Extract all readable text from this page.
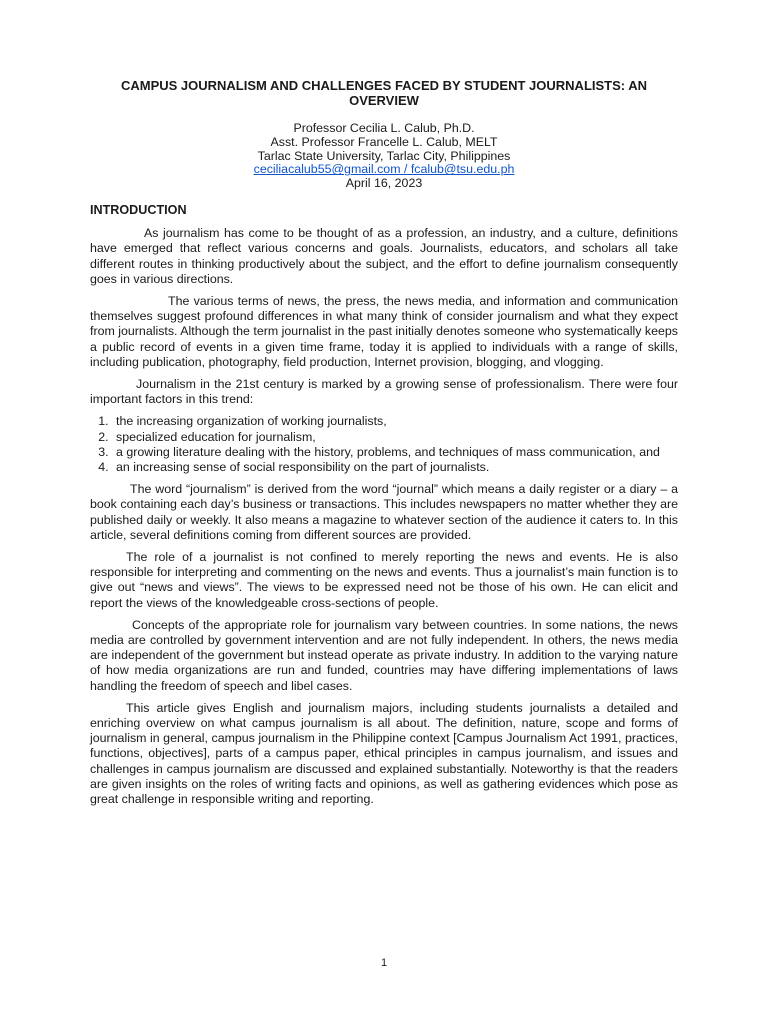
CAMPUS JOURNALISM AND CHALLENGES FACED BY STUDENT JOURNALISTS: AN OVERVIEW
Professor Cecilia L. Calub, Ph.D.
Asst. Professor Francelle L. Calub, MELT
Tarlac State University, Tarlac City, Philippines
ceciliacalub55@gmail.com / fcalub@tsu.edu.ph
April 16, 2023
INTRODUCTION

As journalism has come to be thought of as a profession, an industry, and a culture, definitions have emerged that reflect various concerns and goals. Journalists, educators, and scholars all take different routes in thinking productively about the subject, and the effort to define journalism consequently goes in various directions.

The various terms of news, the press, the news media, and information and communication themselves suggest profound differences in what many think of consider journalism and what they expect from journalists. Although the term journalist in the past initially denotes someone who systematically keeps a public record of events in a given time frame, today it is applied to individuals with a range of skills, including publication, photography, field production, Internet provision, blogging, and vlogging.

Journalism in the 21st century is marked by a growing sense of professionalism. There were four important factors in this trend:

1. the increasing organization of working journalists,
2. specialized education for journalism,
3. a growing literature dealing with the history, problems, and techniques of mass communication, and
4. an increasing sense of social responsibility on the part of journalists.

The word “journalism” is derived from the word “journal” which means a daily register or a diary – a book containing each day’s business or transactions. This includes newspapers no matter whether they are published daily or weekly. It also means a magazine to whatever section of the audience it caters to. In this article, several definitions coming from different sources are provided.

The role of a journalist is not confined to merely reporting the news and events. He is also responsible for interpreting and commenting on the news and events. Thus a journalist’s main function is to give out “news and views”. The views to be expressed need not be those of his own. He can elicit and report the views of the knowledgeable cross-sections of people.

Concepts of the appropriate role for journalism vary between countries. In some nations, the news media are controlled by government intervention and are not fully independent. In others, the news media are independent of the government but instead operate as private industry. In addition to the varying nature of how media organizations are run and funded, countries may have differing implementations of laws handling the freedom of speech and libel cases.

This article gives English and journalism majors, including students journalists a detailed and enriching overview on what campus journalism is all about. The definition, nature, scope and forms of journalism in general, campus journalism in the Philippine context [Campus Journalism Act 1991, practices, functions, objectives], parts of a campus paper, ethical principles in campus journalism, and issues and challenges in campus journalism are discussed and explained substantially. Noteworthy is that the readers are given insights on the roles of writing facts and opinions, as well as gathering evidences which pose as great challenge in responsible writing and reporting.

1
